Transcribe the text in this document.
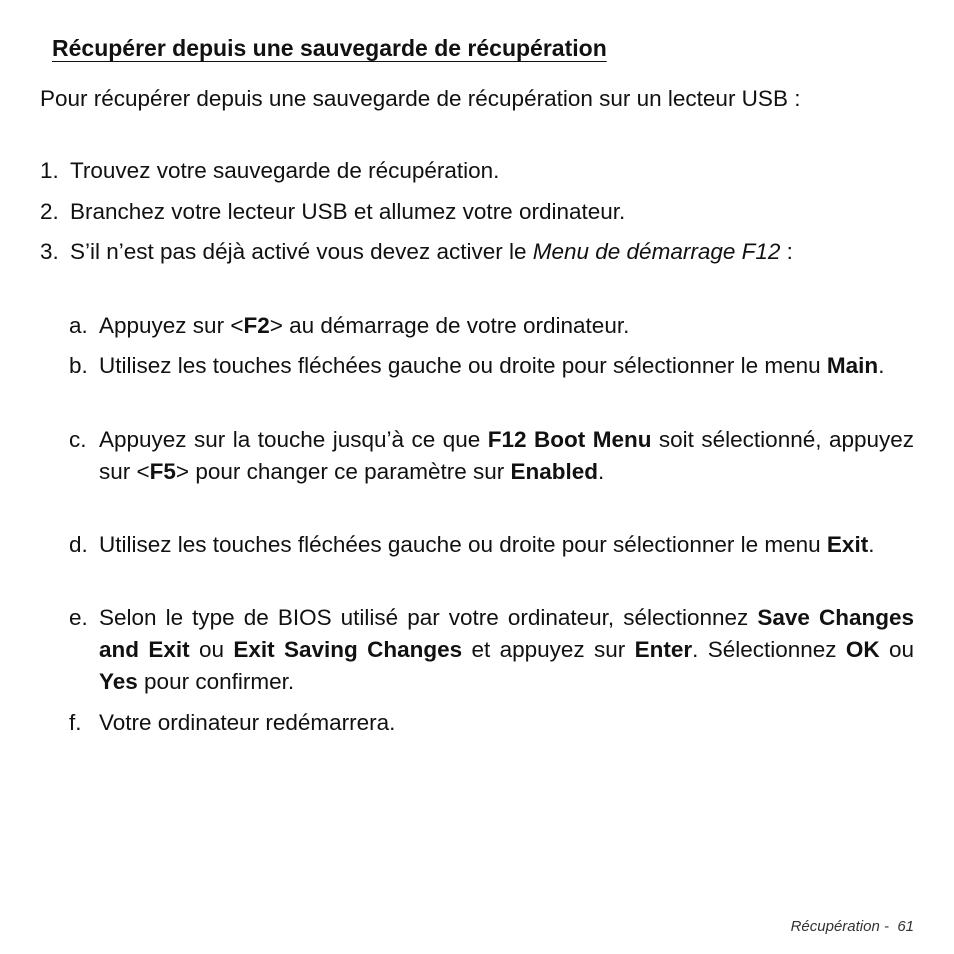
Récupérer depuis une sauvegarde de récupération

Pour récupérer depuis une sauvegarde de récupération sur un lecteur USB :

1. Trouvez votre sauvegarde de récupération.
2. Branchez votre lecteur USB et allumez votre ordinateur.
3. S’il n’est pas déjà activé vous devez activer le Menu de démarrage F12 :
a. Appuyez sur <F2> au démarrage de votre ordinateur.
b. Utilisez les touches fléchées gauche ou droite pour sélectionner le menu Main.
c. Appuyez sur la touche jusqu’à ce que F12 Boot Menu soit sélectionné, appuyez sur <F5> pour changer ce paramètre sur Enabled.
d. Utilisez les touches fléchées gauche ou droite pour sélectionner le menu Exit.
e. Selon le type de BIOS utilisé par votre ordinateur, sélectionnez Save Changes and Exit ou Exit Saving Changes et appuyez sur Enter. Sélectionnez OK ou Yes pour confirmer.
f. Votre ordinateur redémarrera.
Récupération - 61
